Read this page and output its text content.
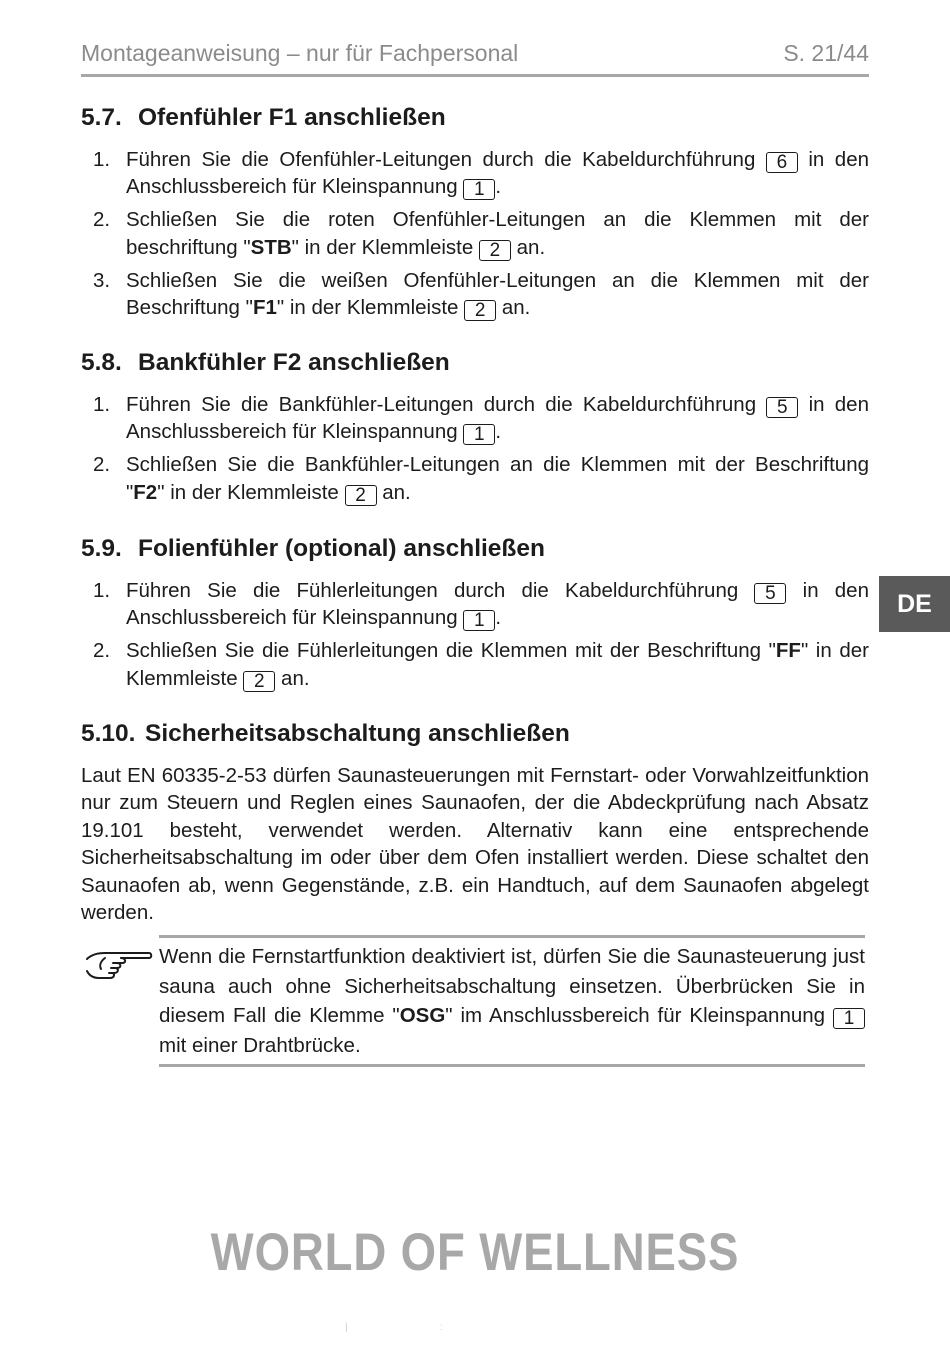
Montageanweisung – nur für Fachpersonal	S. 21/44
5.7. Ofenfühler F1 anschließen
1. Führen Sie die Ofenfühler-Leitungen durch die Kabeldurchführung 6 in den Anschlussbereich für Kleinspannung 1 .
2. Schließen Sie die roten Ofenfühler-Leitungen an die Klemmen mit der beschriftung "STB" in der Klemmleiste 2 an.
3. Schließen Sie die weißen Ofenfühler-Leitungen an die Klemmen mit der Beschriftung "F1" in der Klemmleiste 2 an.
5.8. Bankfühler F2 anschließen
1. Führen Sie die Bankfühler-Leitungen durch die Kabeldurchführung 5 in den Anschlussbereich für Kleinspannung 1 .
2. Schließen Sie die Bankfühler-Leitungen an die Klemmen mit der Beschriftung "F2" in der Klemmleiste 2 an.
5.9. Folienfühler (optional) anschließen
1. Führen Sie die Fühlerleitungen durch die Kabeldurchführung 5 in den Anschlussbereich für Kleinspannung 1 .
2. Schließen Sie die Fühlerleitungen die Klemmen mit der Beschriftung "FF" in der Klemmleiste 2 an.
5.10. Sicherheitsabschaltung anschließen

Laut EN 60335-2-53 dürfen Saunasteuerungen mit Fernstart- oder Vorwahlzeitfunktion nur zum Steuern und Reglen eines Saunaofen, der die Abdeckprüfung nach Absatz 19.101 besteht, verwendet werden. Alternativ kann eine entsprechende Sicherheitsabschaltung im oder über dem Ofen installiert werden. Diese schaltet den Saunaofen ab, wenn Gegenstände, z.B. ein Handtuch, auf dem Saunaofen abgelegt werden.

Wenn die Fernstartfunktion deaktiviert ist, dürfen Sie die Saunasteuerung just sauna auch ohne Sicherheitsabschaltung einsetzen. Überbrücken Sie in diesem Fall die Klemme "OSG" im Anschlussbereich für Kleinspannung 1 mit einer Drahtbrücke.
DE
WORLD OF WELLNESS
|	:
